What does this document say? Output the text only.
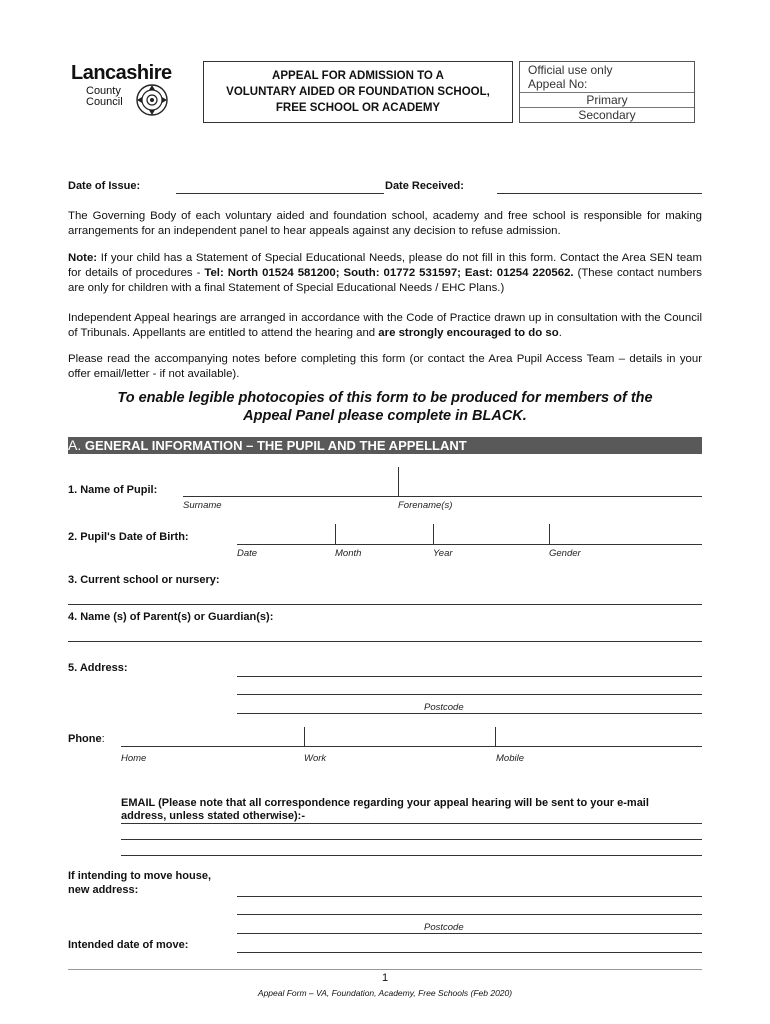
Lancashire
County
Council
APPEAL FOR ADMISSION TO A
VOLUNTARY AIDED OR FOUNDATION SCHOOL,
FREE SCHOOL OR ACADEMY
Official use only
Appeal No:
Primary
Secondary
Date of Issue:	Date Received:
The Governing Body of each voluntary aided and foundation school, academy and free school is responsible for making arrangements for an independent panel to hear appeals against any decision to refuse admission.
Note: If your child has a Statement of Special Educational Needs, please do not fill in this form. Contact the Area SEN team for details of procedures - Tel: North 01524 581200; South: 01772 531597; East: 01254 220562. (These contact numbers are only for children with a final Statement of Special Educational Needs / EHC Plans.)
Independent Appeal hearings are arranged in accordance with the Code of Practice drawn up in consultation with the Council of Tribunals. Appellants are entitled to attend the hearing and are strongly encouraged to do so.
Please read the accompanying notes before completing this form (or contact the Area Pupil Access Team – details in your offer email/letter - if not available).
To enable legible photocopies of this form to be produced for members of the
Appeal Panel please complete in BLACK.
A. GENERAL INFORMATION – THE PUPIL AND THE APPELLANT
1. Name of Pupil:
Surname	Forename(s)
2. Pupil's Date of Birth:
Date	Month	Year	Gender
3. Current school or nursery:
4. Name (s) of Parent(s) or Guardian(s):
5. Address:
Postcode
Phone:
Home	Work	Mobile
EMAIL (Please note that all correspondence regarding your appeal hearing will be sent to your e-mail
address, unless stated otherwise):-
If intending to move house,
new address:
Postcode
Intended date of move:
1
Appeal Form – VA, Foundation, Academy, Free Schools (Feb 2020)
